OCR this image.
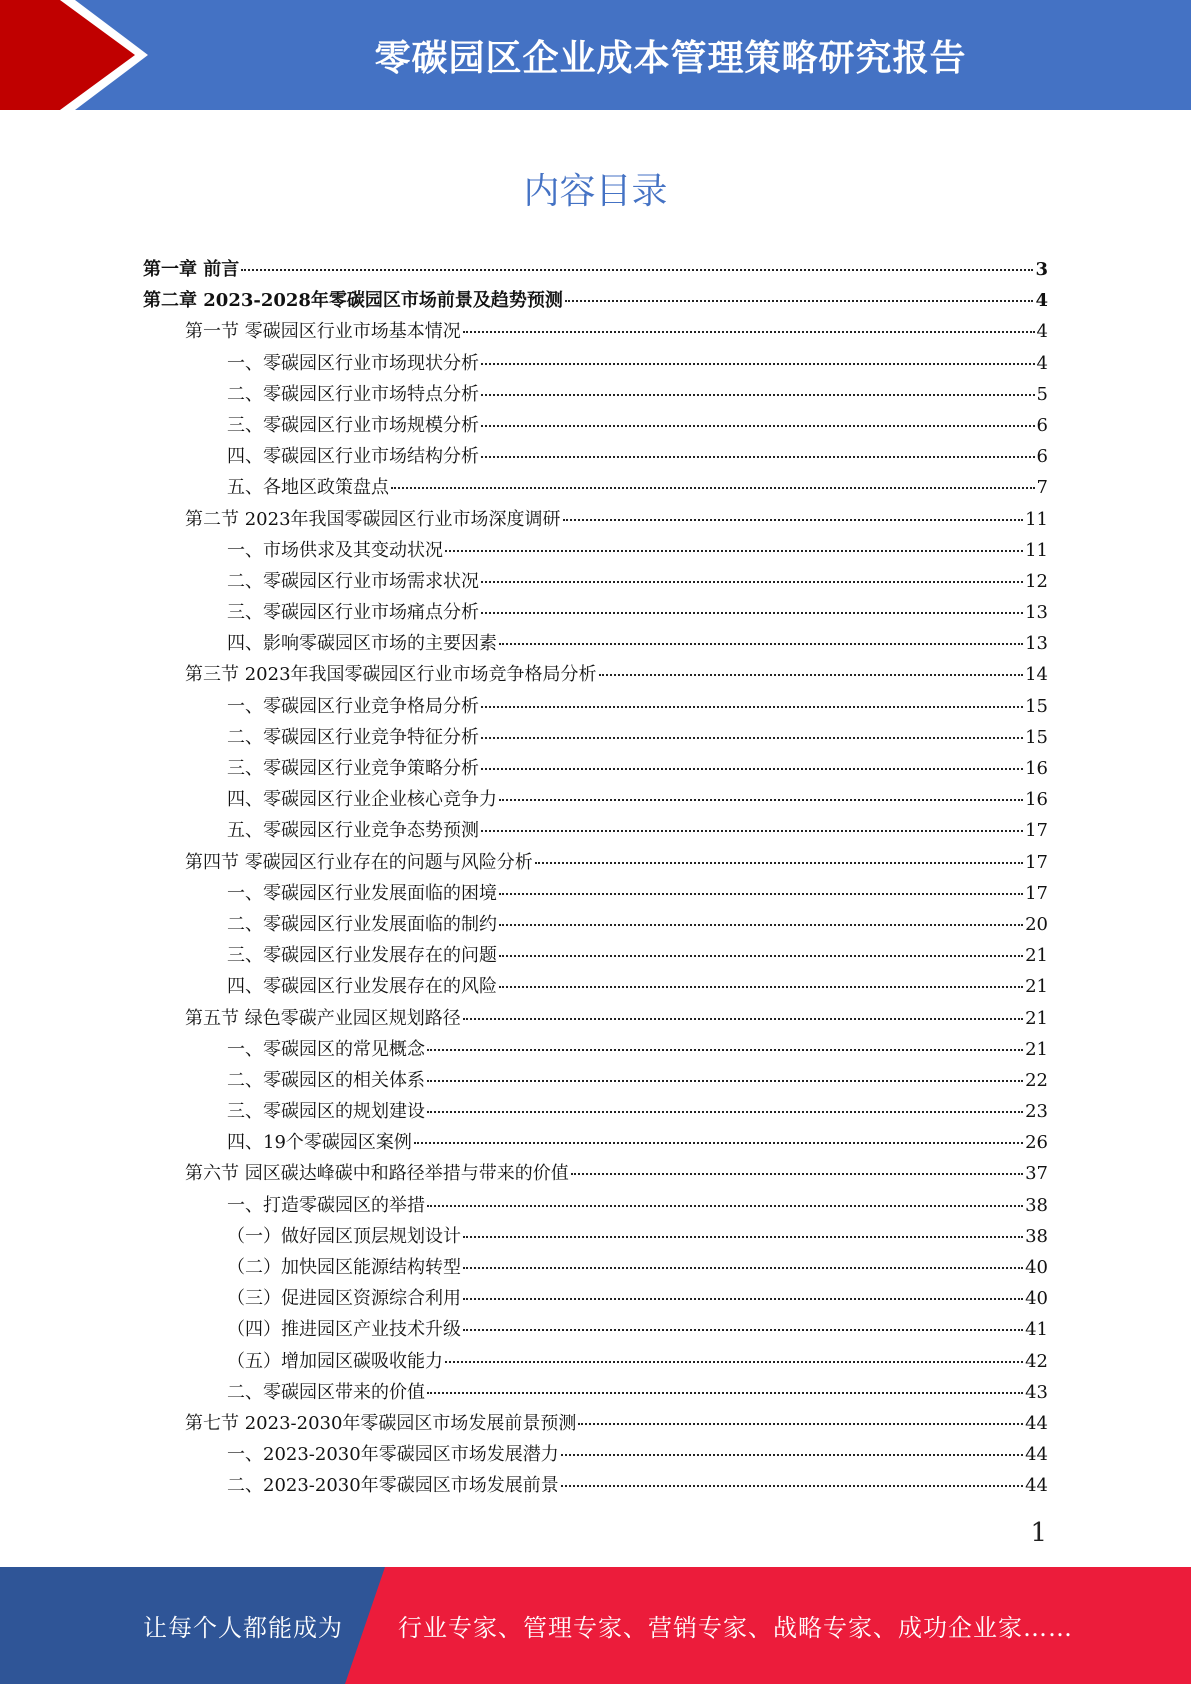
零碳园区企业成本管理策略研究报告
内容目录
第一章 前言	3
第二章 2023-2028年零碳园区市场前景及趋势预测	4
第一节 零碳园区行业市场基本情况	4
一、零碳园区行业市场现状分析	4
二、零碳园区行业市场特点分析	5
三、零碳园区行业市场规模分析	6
四、零碳园区行业市场结构分析	6
五、各地区政策盘点	7
第二节 2023年我国零碳园区行业市场深度调研	11
一、市场供求及其变动状况	11
二、零碳园区行业市场需求状况	12
三、零碳园区行业市场痛点分析	13
四、影响零碳园区市场的主要因素	13
第三节 2023年我国零碳园区行业市场竞争格局分析	14
一、零碳园区行业竞争格局分析	15
二、零碳园区行业竞争特征分析	15
三、零碳园区行业竞争策略分析	16
四、零碳园区行业企业核心竞争力	16
五、零碳园区行业竞争态势预测	17
第四节 零碳园区行业存在的问题与风险分析	17
一、零碳园区行业发展面临的困境	17
二、零碳园区行业发展面临的制约	20
三、零碳园区行业发展存在的问题	21
四、零碳园区行业发展存在的风险	21
第五节 绿色零碳产业园区规划路径	21
一、零碳园区的常见概念	21
二、零碳园区的相关体系	22
三、零碳园区的规划建设	23
四、19个零碳园区案例	26
第六节 园区碳达峰碳中和路径举措与带来的价值	37
一、打造零碳园区的举措	38
（一）做好园区顶层规划设计	38
（二）加快园区能源结构转型	40
（三）促进园区资源综合利用	40
（四）推进园区产业技术升级	41
（五）增加园区碳吸收能力	42
二、零碳园区带来的价值	43
第七节 2023-2030年零碳园区市场发展前景预测	44
一、2023-2030年零碳园区市场发展潜力	44
二、2023-2030年零碳园区市场发展前景	44
1
让每个人都能成为 行业专家、管理专家、营销专家、战略专家、成功企业家……
